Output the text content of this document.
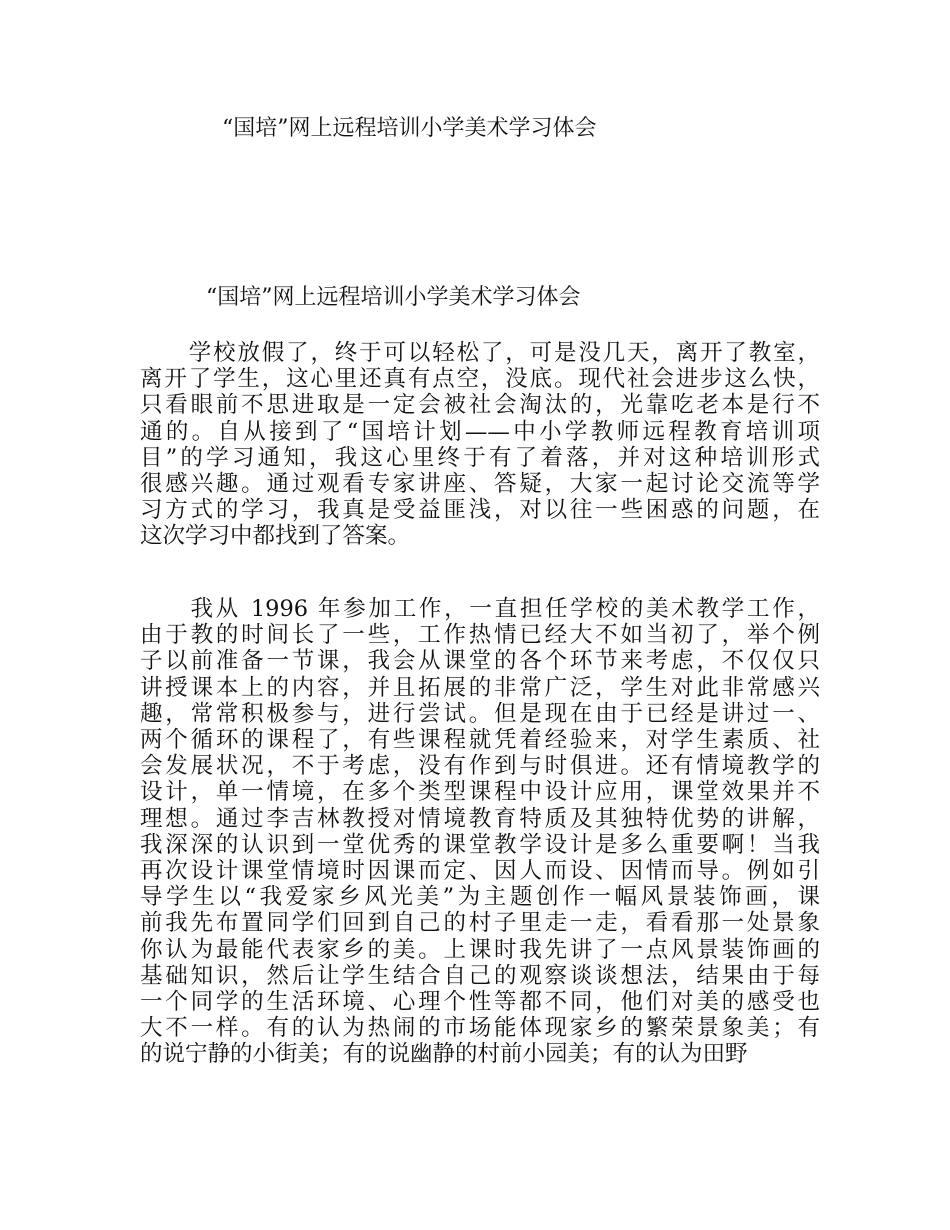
“国培”网上远程培训小学美术学习体会
“国培”网上远程培训小学美术学习体会

　　学校放假了，终于可以轻松了，可是没几天，离开了教室，
离开了学生，这心里还真有点空，没底。现代社会进步这么快，
只看眼前不思进取是一定会被社会淘汰的，光靠吃老本是行不
通的。自从接到了“国培计划——中小学教师远程教育培训项
目”的学习通知，我这心里终于有了着落，并对这种培训形式
很感兴趣。通过观看专家讲座、答疑，大家一起讨论交流等学
习方式的学习，我真是受益匪浅，对以往一些困惑的问题，在
这次学习中都找到了答案。

　　我从 1996 年参加工作，一直担任学校的美术教学工作，
由于教的时间长了一些，工作热情已经大不如当初了，举个例
子以前准备一节课，我会从课堂的各个环节来考虑，不仅仅只
讲授课本上的内容，并且拓展的非常广泛，学生对此非常感兴
趣，常常积极参与，进行尝试。但是现在由于已经是讲过一、
两个循环的课程了，有些课程就凭着经验来，对学生素质、社
会发展状况，不于考虑，没有作到与时俱进。还有情境教学的
设计，单一情境，在多个类型课程中设计应用，课堂效果并不
理想。通过李吉林教授对情境教育特质及其独特优势的讲解，
我深深的认识到一堂优秀的课堂教学设计是多么重要啊！当我
再次设计课堂情境时因课而定、因人而设、因情而导。例如引
导学生以“我爱家乡风光美”为主题创作一幅风景装饰画，课
前我先布置同学们回到自己的村子里走一走，看看那一处景象
你认为最能代表家乡的美。上课时我先讲了一点风景装饰画的
基础知识，然后让学生结合自己的观察谈谈想法，结果由于每
一个同学的生活环境、心理个性等都不同，他们对美的感受也
大不一样。有的认为热闹的市场能体现家乡的繁荣景象美；有
的说宁静的小街美；有的说幽静的村前小园美；有的认为田野
